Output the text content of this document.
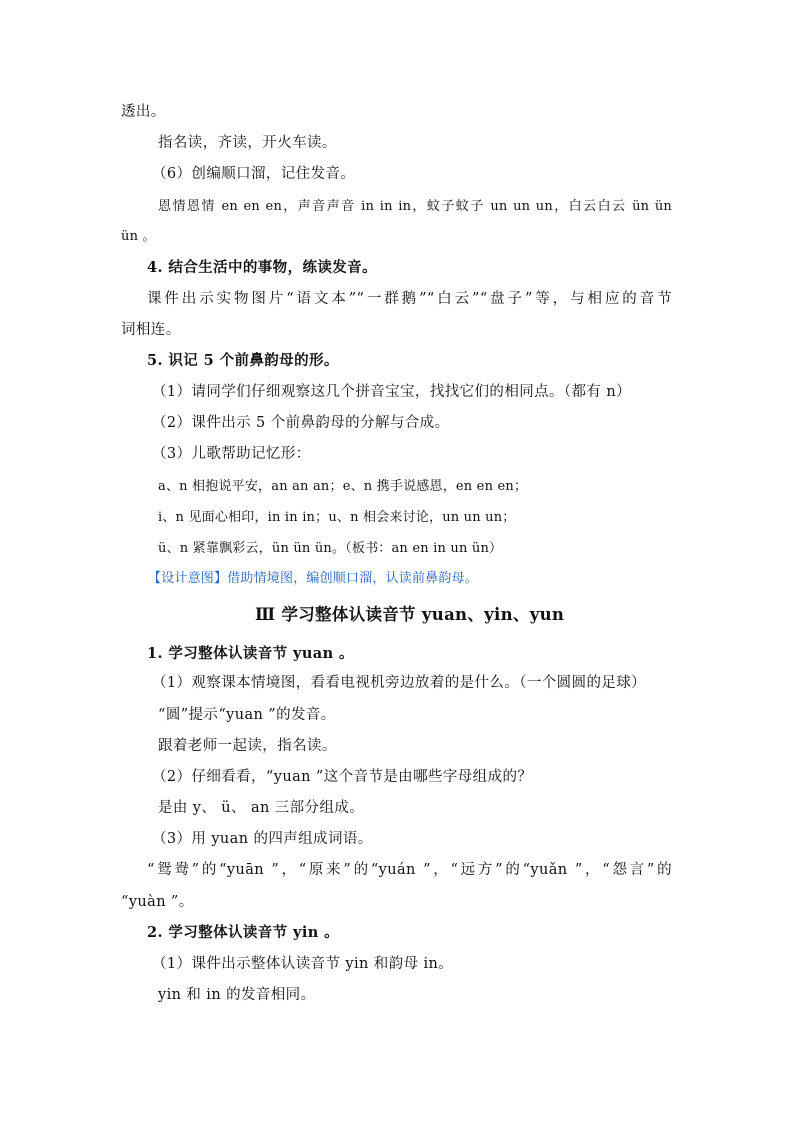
透出。
指名读，齐读，开火车读。
（6）创编顺口溜，记住发音。
恩情恩情 en en en，声音声音 in in in，蚊子蚊子 un un un，白云白云 ün ün
ün 。
4. 结合生活中的事物，练读发音。
课件出示实物图片“语文本”“一群鹅”“白云”“盘子”等，与相应的音节
词相连。
5. 识记 5 个前鼻韵母的形。
（1）请同学们仔细观察这几个拼音宝宝，找找它们的相同点。（都有 n）
（2）课件出示 5 个前鼻韵母的分解与合成。
（3）儿歌帮助记忆形：
a、n 相抱说平安，an an an；e、n 携手说感恩，en en en；
i、n 见面心相印，in in in；u、n 相会来讨论，un un un；
ü、n 紧靠飘彩云，ün ün ün。（板书：an en in un ün）
【设计意图】借助情境图，编创顺口溜，认读前鼻韵母。
Ⅲ 学习整体认读音节 yuan、yin、yun
1. 学习整体认读音节 yuan 。
（1）观察课本情境图，看看电视机旁边放着的是什么。（一个圆圆的足球）
“圆”提示“yuan ”的发音。
跟着老师一起读，指名读。
（2）仔细看看，“yuan ”这个音节是由哪些字母组成的？
是由 y、 ü、 an 三部分组成。
（3）用 yuan 的四声组成词语。
“鸳鸯”的“yuān ”，“原来”的“yuán ”，“远方”的“yuǎn ”，“怨言”的
“yuàn ”。
2. 学习整体认读音节 yin 。
（1）课件出示整体认读音节 yin 和韵母 in。
yin 和 in 的发音相同。
